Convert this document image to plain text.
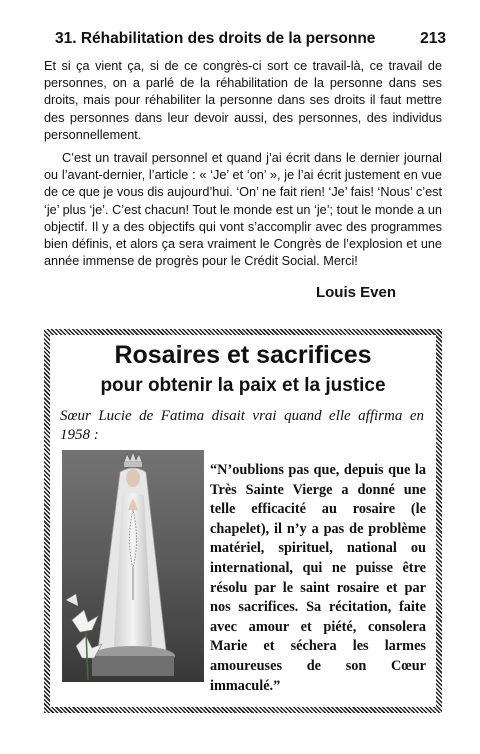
31. Réhabilitation des droits de la personne	213

Et si ça vient ça, si de ce congrès-ci sort ce travail-là, ce travail de personnes, on a parlé de la réhabilitation de la personne dans ses droits, mais pour réhabiliter la personne dans ses droits il faut mettre des personnes dans leur devoir aussi, des personnes, des individus personnellement.

C’est un travail personnel et quand j’ai écrit dans le dernier journal ou l’avant-dernier, l’article : « ‘Je’ et ‘on’ », je l’ai écrit justement en vue de ce que je vous dis aujourd’hui. ‘On’ ne fait rien! ‘Je’ fais! ‘Nous’ c’est ‘je’ plus ‘je’. C’est chacun! Tout le monde est un ‘je’; tout le monde a un objectif. Il y a des objectifs qui vont s’accomplir avec des programmes bien définis, et alors ça sera vraiment le Congrès de l’explosion et une année immense de progrès pour le Crédit Social. Merci!

Louis Even
Rosaires et sacrifices
pour obtenir la paix et la justice
Sœur Lucie de Fatima disait vrai quand elle affirma en 1958 :
“N’oublions pas que, depuis que la Très Sainte Vierge a donné une telle efficacité au rosaire (le chapelet), il n’y a pas de problème matériel, spirituel, national ou international, qui ne puisse être résolu par le saint rosaire et par nos sacrifices. Sa récitation, faite avec amour et piété, consolera Marie et séchera les larmes amoureuses de son Cœur immaculé.”
